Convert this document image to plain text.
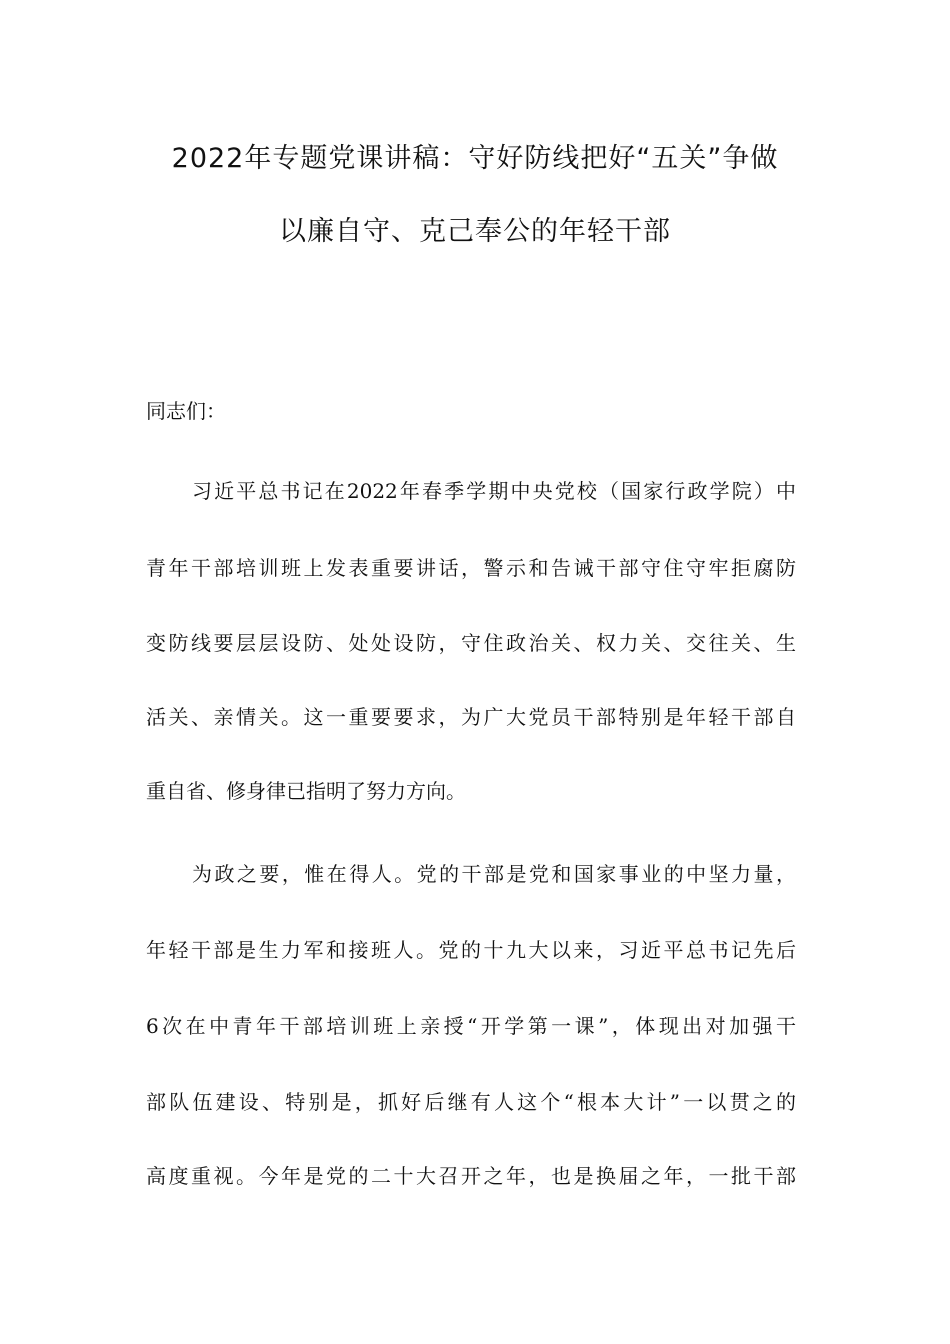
2022年专题党课讲稿：守好防线把好“五关”争做
以廉自守、克己奉公的年轻干部

同志们：

习近平总书记在2022年春季学期中央党校（国家行政学院）中

青年干部培训班上发表重要讲话，警示和告诫干部守住守牢拒腐防

变防线要层层设防、处处设防，守住政治关、权力关、交往关、生

活关、亲情关。这一重要要求，为广大党员干部特别是年轻干部自

重自省、修身律已指明了努力方向。

为政之要，惟在得人。党的干部是党和国家事业的中坚力量，

年轻干部是生力军和接班人。党的十九大以来，习近平总书记先后

6次在中青年干部培训班上亲授“开学第一课”，体现出对加强干

部队伍建设、特别是，抓好后继有人这个“根本大计”一以贯之的

高度重视。今年是党的二十大召开之年，也是换届之年，一批干部
